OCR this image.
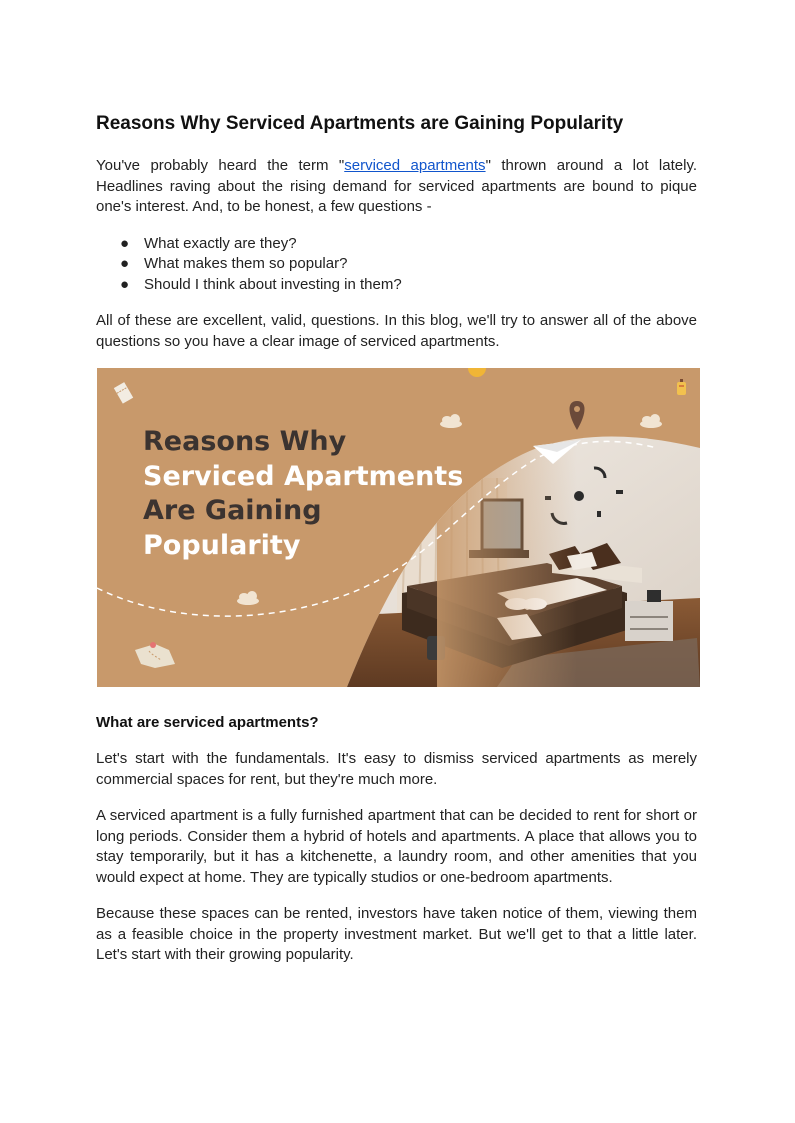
Reasons Why Serviced Apartments are Gaining Popularity

You've probably heard the term "serviced apartments" thrown around a lot lately. Headlines raving about the rising demand for serviced apartments are bound to pique one's interest. And, to be honest, a few questions -

● What exactly are they?
● What makes them so popular?
● Should I think about investing in them?

All of these are excellent, valid, questions. In this blog, we'll try to answer all of the above questions so you have a clear image of serviced apartments.

Reasons Why
Serviced Apartments
Are Gaining
Popularity
What are serviced apartments?

Let's start with the fundamentals. It's easy to dismiss serviced apartments as merely commercial spaces for rent, but they're much more.

A serviced apartment is a fully furnished apartment that can be decided to rent for short or long periods. Consider them a hybrid of hotels and apartments. A place that allows you to stay temporarily, but it has a kitchenette, a laundry room, and other amenities that you would expect at home. They are typically studios or one-bedroom apartments.

Because these spaces can be rented, investors have taken notice of them, viewing them as a feasible choice in the property investment market. But we'll get to that a little later. Let's start with their growing popularity.
